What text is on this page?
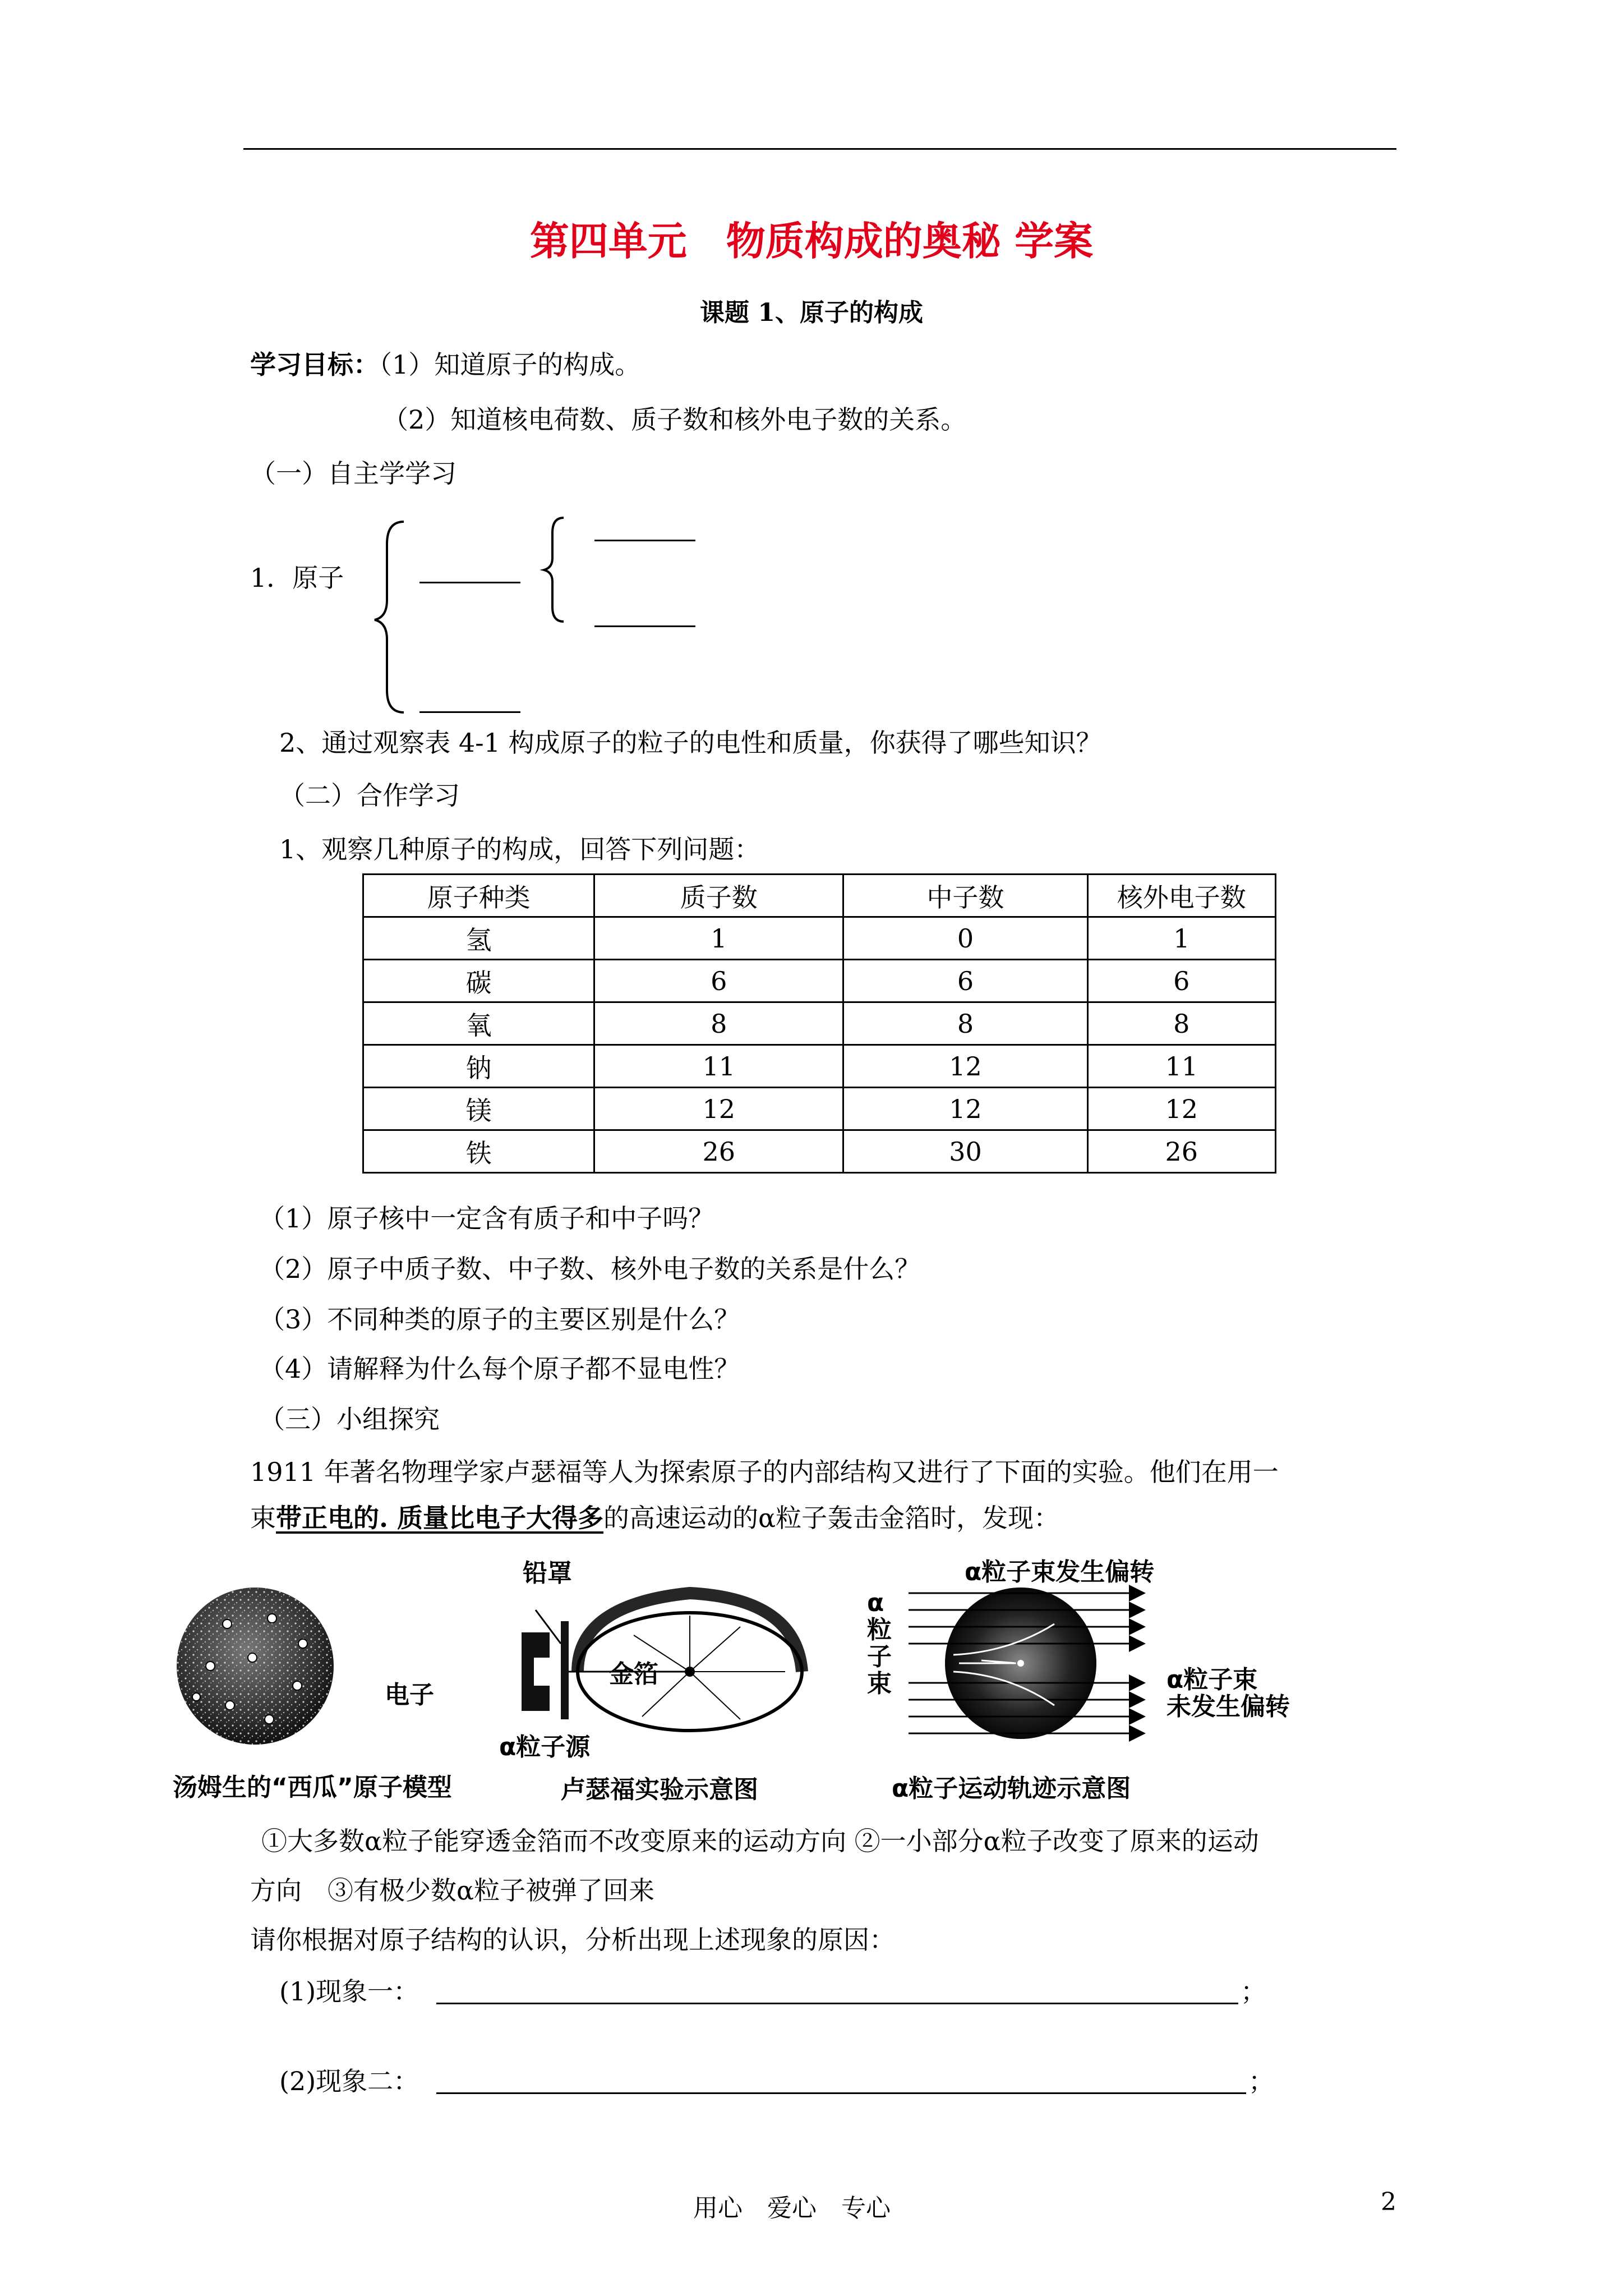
第四单元　物质构成的奥秘 学案
课题 1、原子的构成
学习目标：（1）知道原子的构成。
（2）知道核电荷数、质子数和核外电子数的关系。
（一）自主学学习
1．原子
2、通过观察表 4-1 构成原子的粒子的电性和质量，你获得了哪些知识？
（二）合作学习
1、观察几种原子的构成，回答下列问题：
原子种类	质子数	中子数	核外电子数
氢	1	0	1
碳	6	6	6
氧	8	8	8
钠	11	12	11
镁	12	12	12
铁	26	30	26
（1）原子核中一定含有质子和中子吗？
（2）原子中质子数、中子数、核外电子数的关系是什么？
（3）不同种类的原子的主要区别是什么？
（4）请解释为什么每个原子都不显电性？
（三）小组探究
1911 年著名物理学家卢瑟福等人为探索原子的内部结构又进行了下面的实验。他们在用一
束带正电的. 质量比电子大得多的高速运动的α粒子轰击金箔时，发现：
电子
汤姆生的“西瓜”原子模型
铅罩
金箔
α粒子源
卢瑟福实验示意图
α粒子束发生偏转
α
粒
子
束	α粒子束
未发生偏转
α粒子运动轨迹示意图
①大多数α粒子能穿透金箔而不改变原来的运动方向 ②一小部分α粒子改变了原来的运动
方向　③有极少数α粒子被弹了回来
请你根据对原子结构的认识，分析出现上述现象的原因：
(1)现象一：	；
(2)现象二：	；
用心　爱心　专心	2
